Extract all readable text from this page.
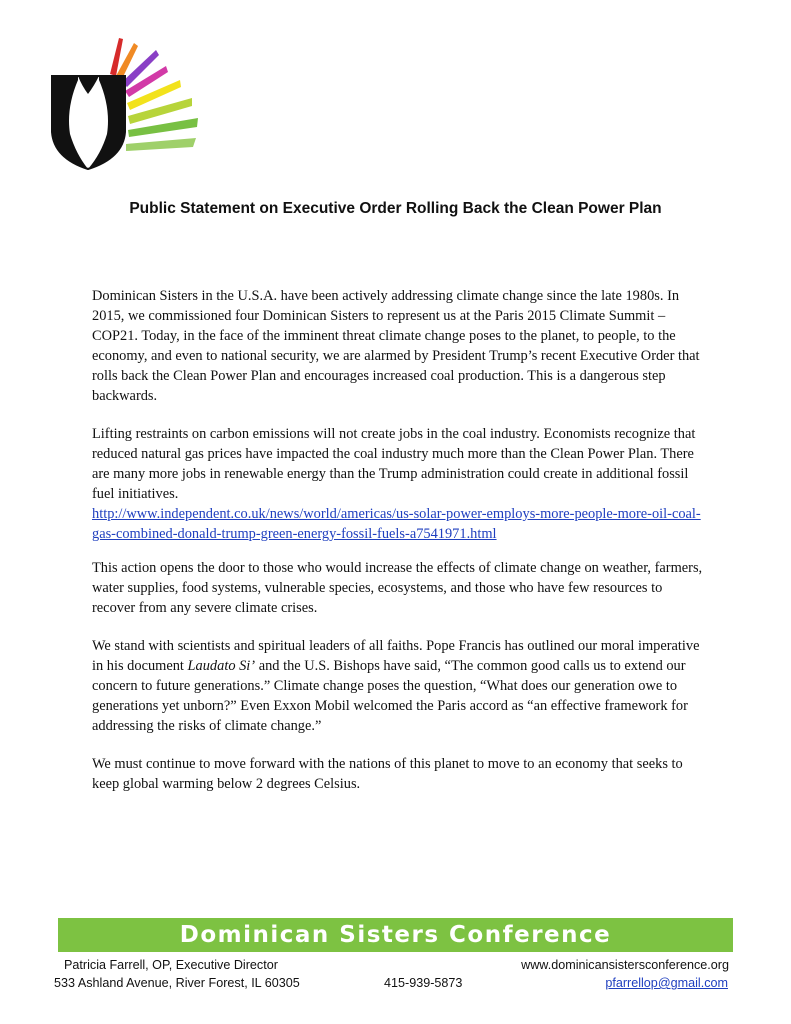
Public Statement on Executive Order Rolling Back the Clean Power Plan

Dominican Sisters in the U.S.A. have been actively addressing climate change since the late 1980s. In 2015, we commissioned four Dominican Sisters to represent us at the Paris 2015 Climate Summit – COP21. Today, in the face of the imminent threat climate change poses to the planet, to people, to the economy, and even to national security, we are alarmed by President Trump’s recent Executive Order that rolls back the Clean Power Plan and encourages increased coal production. This is a dangerous step backwards.

Lifting restraints on carbon emissions will not create jobs in the coal industry. Economists recognize that reduced natural gas prices have impacted the coal industry much more than the Clean Power Plan. There are many more jobs in renewable energy than the Trump administration could create in additional fossil fuel initiatives.
http://www.independent.co.uk/news/world/americas/us-solar-power-employs-more-people-more-oil-coal-gas-combined-donald-trump-green-energy-fossil-fuels-a7541971.html

This action opens the door to those who would increase the effects of climate change on weather, farmers, water supplies, food systems, vulnerable species, ecosystems, and those who have few resources to recover from any severe climate crises.

We stand with scientists and spiritual leaders of all faiths. Pope Francis has outlined our moral imperative in his document Laudato Si’ and the U.S. Bishops have said, “The common good calls us to extend our concern to future generations.” Climate change poses the question, “What does our generation owe to generations yet unborn?” Even Exxon Mobil welcomed the Paris accord as “an effective framework for addressing the risks of climate change.”

We must continue to move forward with the nations of this planet to move to an economy that seeks to keep global warming below 2 degrees Celsius.

Dominican Sisters Conference
Patricia Farrell, OP, Executive Director
533 Ashland Avenue, River Forest, IL 60305	415-939-5873
www.dominicansistersconference.org
pfarrellop@gmail.com
